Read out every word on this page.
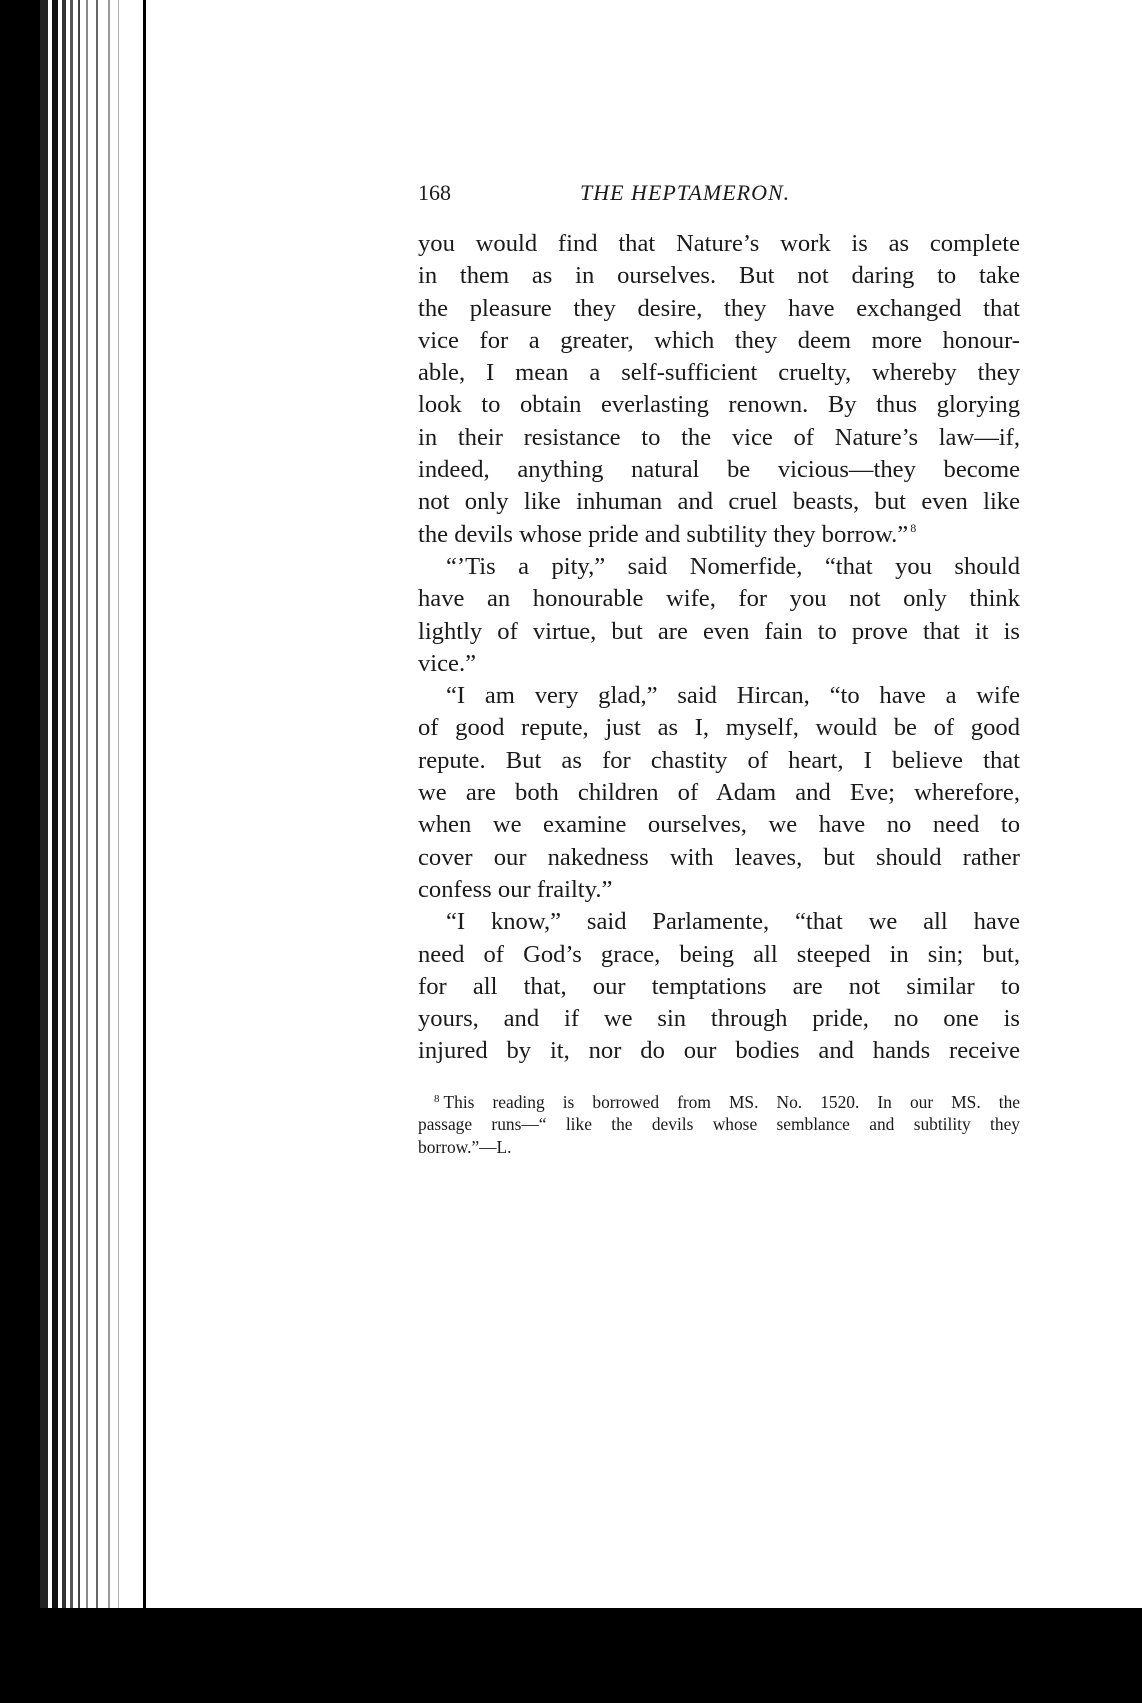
168	THE HEPTAMERON.
you would find that Nature’s work is as complete
in them as in ourselves. But not daring to take
the pleasure they desire, they have exchanged that
vice for a greater, which they deem more honour-
able, I mean a self-sufficient cruelty, whereby they
look to obtain everlasting renown. By thus glorying
in their resistance to the vice of Nature’s law—if,
indeed, anything natural be vicious—they become
not only like inhuman and cruel beasts, but even like
the devils whose pride and subtility they borrow.” $^8$
“’Tis a pity,” said Nomerfide, “that you should
have an honourable wife, for you not only think
lightly of virtue, but are even fain to prove that it is
vice.”
“I am very glad,” said Hircan, “to have a wife
of good repute, just as I, myself, would be of good
repute. But as for chastity of heart, I believe that
we are both children of Adam and Eve; wherefore,
when we examine ourselves, we have no need to
cover our nakedness with leaves, but should rather
confess our frailty.”
“I know,” said Parlamente, “that we all have
need of God’s grace, being all steeped in sin; but,
for all that, our temptations are not similar to
yours, and if we sin through pride, no one is
injured by it, nor do our bodies and hands receive
$^8$ This reading is borrowed from MS. No. 1520. In our MS. the
passage runs—“ like the devils whose semblance and subtility they
borrow.”—L.
